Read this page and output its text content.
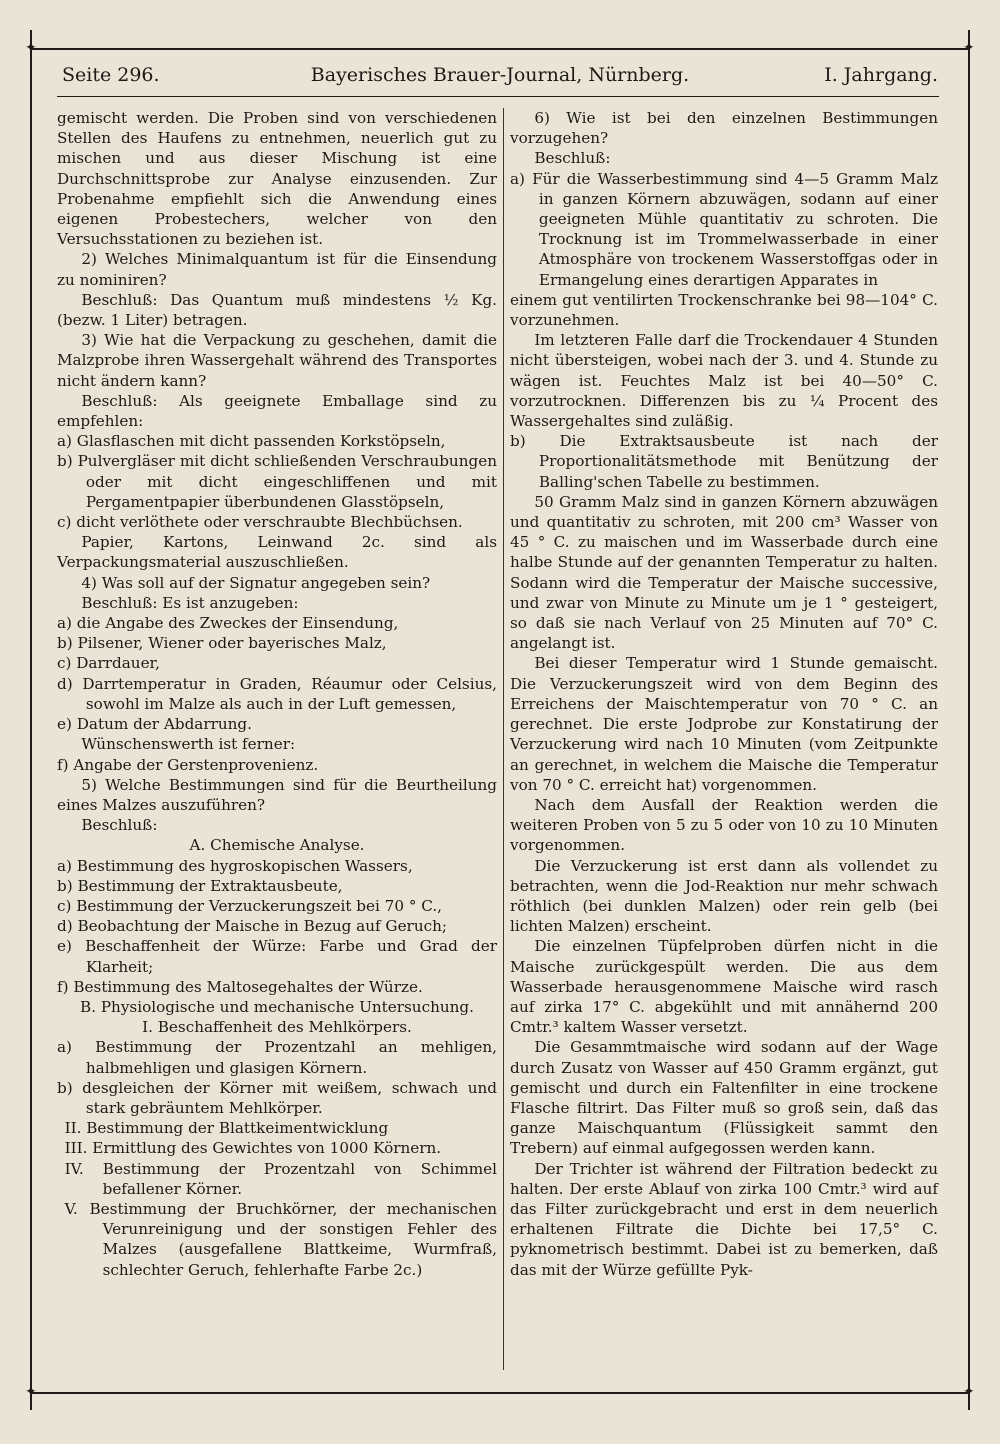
✦	✦
✦	✦
Seite 296.	Bayerisches Brauer-Journal, Nürnberg.	I. Jahrgang.

gemischt werden. Die Proben sind von verschiedenen Stellen des Haufens zu entnehmen, neuerlich gut zu mischen und aus dieser Mischung ist eine Durchschnittsprobe zur Analyse einzusenden. Zur Probenahme empfiehlt sich die Anwendung eines eigenen Probestechers, welcher von den Versuchsstationen zu beziehen ist.

2) Welches Minimalquantum ist für die Einsendung zu nominiren?

Beschluß: Das Quantum muß mindestens ½ Kg. (bezw. 1 Liter) betragen.

3) Wie hat die Verpackung zu geschehen, damit die Malzprobe ihren Wassergehalt während des Transportes nicht ändern kann?

Beschluß: Als geeignete Emballage sind zu empfehlen:

a) Glasflaschen mit dicht passenden Korkstöpseln,

b) Pulvergläser mit dicht schließenden Verschraubungen oder mit dicht eingeschliffenen und mit Pergamentpapier überbundenen Glasstöpseln,

c) dicht verlöthete oder verschraubte Blechbüchsen.

Papier, Kartons, Leinwand 2c. sind als Verpackungsmaterial auszuschließen.

4) Was soll auf der Signatur angegeben sein?

Beschluß: Es ist anzugeben:

a) die Angabe des Zweckes der Einsendung,

b) Pilsener, Wiener oder bayerisches Malz,

c) Darrdauer,

d) Darrtemperatur in Graden, Réaumur oder Celsius, sowohl im Malze als auch in der Luft gemessen,

e) Datum der Abdarrung.

Wünschenswerth ist ferner:

f) Angabe der Gerstenprovenienz.

5) Welche Bestimmungen sind für die Beurtheilung eines Malzes auszuführen?

Beschluß:

A. Chemische Analyse.

a) Bestimmung des hygroskopischen Wassers,

b) Bestimmung der Extraktausbeute,

c) Bestimmung der Verzuckerungszeit bei 70 ° C.,

d) Beobachtung der Maische in Bezug auf Geruch;

e) Beschaffenheit der Würze: Farbe und Grad der Klarheit;

f) Bestimmung des Maltosegehaltes der Würze.

B. Physiologische und mechanische Untersuchung.

I. Beschaffenheit des Mehlkörpers.

a) Bestimmung der Prozentzahl an mehligen, halbmehligen und glasigen Körnern.

b) desgleichen der Körner mit weißem, schwach und stark gebräuntem Mehlkörper.

II. Bestimmung der Blattkeimentwicklung

III. Ermittlung des Gewichtes von 1000 Körnern.

IV. Bestimmung der Prozentzahl von Schimmel befallener Körner.

V. Bestimmung der Bruchkörner, der mechanischen Verunreinigung und der sonstigen Fehler des Malzes (ausgefallene Blattkeime, Wurmfraß, schlechter Geruch, fehlerhafte Farbe 2c.)

6) Wie ist bei den einzelnen Bestimmungen vorzugehen?

Beschluß:

a) Für die Wasserbestimmung sind 4—5 Gramm Malz in ganzen Körnern abzuwägen, sodann auf einer geeigneten Mühle quantitativ zu schroten. Die Trocknung ist im Trommelwasserbade in einer Atmosphäre von trockenem Wasserstoffgas oder in Ermangelung eines derartigen Apparates in

einem gut ventilirten Trockenschranke bei 98—104° C. vorzunehmen.

Im letzteren Falle darf die Trockendauer 4 Stunden nicht übersteigen, wobei nach der 3. und 4. Stunde zu wägen ist. Feuchtes Malz ist bei 40—50° C. vorzutrocknen. Differenzen bis zu ¼ Procent des Wassergehaltes sind zuläßig.

b) Die Extraktsausbeute ist nach der Proportionalitätsmethode mit Benützung der Balling'schen Tabelle zu bestimmen.

50 Gramm Malz sind in ganzen Körnern abzuwägen und quantitativ zu schroten, mit 200 cm³ Wasser von 45 ° C. zu maischen und im Wasserbade durch eine halbe Stunde auf der genannten Temperatur zu halten. Sodann wird die Temperatur der Maische successive, und zwar von Minute zu Minute um je 1 ° gesteigert, so daß sie nach Verlauf von 25 Minuten auf 70° C. angelangt ist.

Bei dieser Temperatur wird 1 Stunde gemaischt. Die Verzuckerungszeit wird von dem Beginn des Erreichens der Maischtemperatur von 70 ° C. an gerechnet. Die erste Jodprobe zur Konstatirung der Verzuckerung wird nach 10 Minuten (vom Zeitpunkte an gerechnet, in welchem die Maische die Temperatur von 70 ° C. erreicht hat) vorgenommen.

Nach dem Ausfall der Reaktion werden die weiteren Proben von 5 zu 5 oder von 10 zu 10 Minuten vorgenommen.

Die Verzuckerung ist erst dann als vollendet zu betrachten, wenn die Jod-Reaktion nur mehr schwach röthlich (bei dunklen Malzen) oder rein gelb (bei lichten Malzen) erscheint.

Die einzelnen Tüpfelproben dürfen nicht in die Maische zurückgespült werden. Die aus dem Wasserbade herausgenommene Maische wird rasch auf zirka 17° C. abgekühlt und mit annähernd 200 Cmtr.³ kaltem Wasser versetzt.

Die Gesammtmaische wird sodann auf der Wage durch Zusatz von Wasser auf 450 Gramm ergänzt, gut gemischt und durch ein Faltenfilter in eine trockene Flasche filtrirt. Das Filter muß so groß sein, daß das ganze Maischquantum (Flüssigkeit sammt den Trebern) auf einmal aufgegossen werden kann.

Der Trichter ist während der Filtration bedeckt zu halten. Der erste Ablauf von zirka 100 Cmtr.³ wird auf das Filter zurückgebracht und erst in dem neuerlich erhaltenen Filtrate die Dichte bei 17,5° C. pyknometrisch bestimmt. Dabei ist zu bemerken, daß das mit der Würze gefüllte Pyk-
